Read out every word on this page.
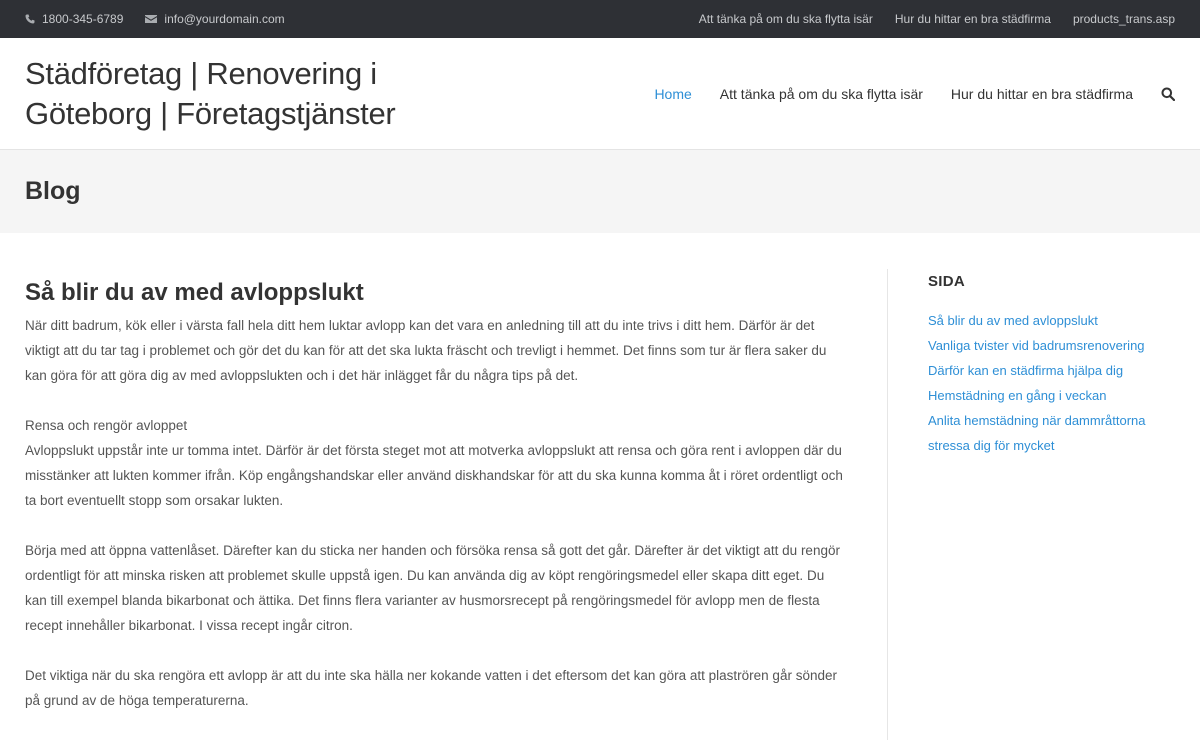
1800-345-6789	info@yourdomain.com	Att tänka på om du ska flytta isär Hur du hittar en bra städfirma products_trans.asp
Städföretag | Renovering i
Göteborg | Företagstjänster
Home Att tänka på om du ska flytta isär Hur du hittar en bra städfirma
Blog
Så blir du av med avloppslukt

När ditt badrum, kök eller i värsta fall hela ditt hem luktar avlopp kan det vara en anledning till att du inte trivs i ditt hem. Därför är det viktigt att du tar tag i problemet och gör det du kan för att det ska lukta fräscht och trevligt i hemmet. Det finns som tur är flera saker du kan göra för att göra dig av med avloppslukten och i det här inlägget får du några tips på det.

Rensa och rengör avloppet

Avloppslukt uppstår inte ur tomma intet. Därför är det första steget mot att motverka avloppslukt att rensa och göra rent i avloppen där du misstänker att lukten kommer ifrån. Köp engångshandskar eller använd diskhandskar för att du ska kunna komma åt i röret ordentligt och ta bort eventuellt stopp som orsakar lukten.

Börja med att öppna vattenlåset. Därefter kan du sticka ner handen och försöka rensa så gott det går. Därefter är det viktigt att du rengör ordentligt för att minska risken att problemet skulle uppstå igen. Du kan använda dig av köpt rengöringsmedel eller skapa ditt eget. Du kan till exempel blanda bikarbonat och ättika. Det finns flera varianter av husmorsrecept på rengöringsmedel för avlopp men de flesta recept innehåller bikarbonat. I vissa recept ingår citron.

Det viktiga när du ska rengöra ett avlopp är att du inte ska hälla ner kokande vatten i det eftersom det kan göra att plaströren går sönder på grund av de höga temperaturerna.

SIDA
Så blir du av med avloppslukt
Vanliga tvister vid badrumsrenovering
Därför kan en städfirma hjälpa dig
Hemstädning en gång i veckan
Anlita hemstädning när dammråttorna stressa dig för mycket
